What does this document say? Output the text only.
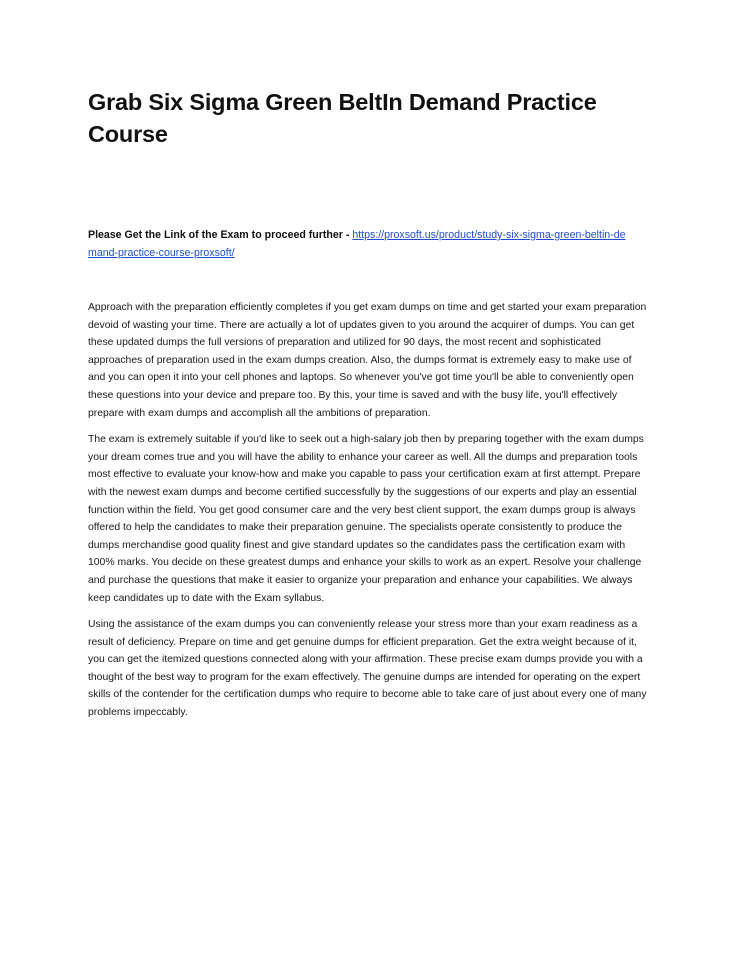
Grab Six Sigma Green BeltIn Demand Practice Course

Please Get the Link of the Exam to proceed further - https://proxsoft.us/product/study-six-sigma-green-beltin-demand-practice-course-proxsoft/

Approach with the preparation efficiently completes if you get exam dumps on time and get started your exam preparation devoid of wasting your time. There are actually a lot of updates given to you around the acquirer of dumps. You can get these updated dumps the full versions of preparation and utilized for 90 days, the most recent and sophisticated approaches of preparation used in the exam dumps creation. Also, the dumps format is extremely easy to make use of and you can open it into your cell phones and laptops. So whenever you've got time you'll be able to conveniently open these questions into your device and prepare too. By this, your time is saved and with the busy life, you'll effectively prepare with exam dumps and accomplish all the ambitions of preparation.

The exam is extremely suitable if you'd like to seek out a high-salary job then by preparing together with the exam dumps your dream comes true and you will have the ability to enhance your career as well. All the dumps and preparation tools most effective to evaluate your know-how and make you capable to pass your certification exam at first attempt. Prepare with the newest exam dumps and become certified successfully by the suggestions of our experts and play an essential function within the field. You get good consumer care and the very best client support, the exam dumps group is always offered to help the candidates to make their preparation genuine. The specialists operate consistently to produce the dumps merchandise good quality finest and give standard updates so the candidates pass the certification exam with 100% marks. You decide on these greatest dumps and enhance your skills to work as an expert. Resolve your challenge and purchase the questions that make it easier to organize your preparation and enhance your capabilities. We always keep candidates up to date with the Exam syllabus.

Using the assistance of the exam dumps you can conveniently release your stress more than your exam readiness as a result of deficiency. Prepare on time and get genuine dumps for efficient preparation. Get the extra weight because of it, you can get the itemized questions connected along with your affirmation. These precise exam dumps provide you with a thought of the best way to program for the exam effectively. The genuine dumps are intended for operating on the expert skills of the contender for the certification dumps who require to become able to take care of just about every one of many problems impeccably.
